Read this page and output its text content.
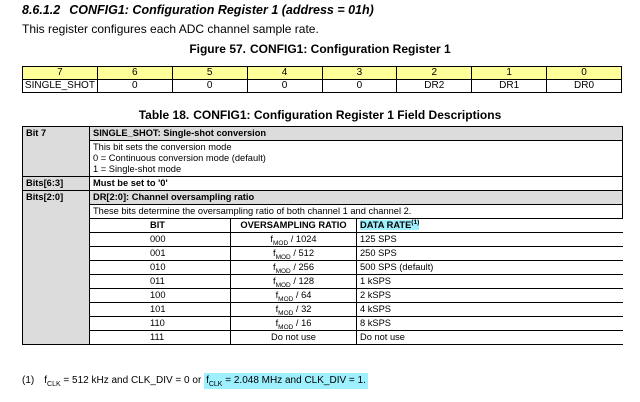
8.6.1.2 CONFIG1: Configuration Register 1 (address = 01h)
This register configures each ADC channel sample rate.
Figure 57. CONFIG1: Configuration Register 1
7	6	5	4	3	2	1	0
SINGLE_SHOT	0	0	0	0	DR2	DR1	DR0
Table 18. CONFIG1: Configuration Register 1 Field Descriptions
Bit 7	SINGLE_SHOT: Single-shot conversion		

	This bit sets the conversion mode
0 = Continuous conversion mode (default)
1 = Single-shot mode		

Bits[6:3]	Must be set to '0'		
Bits[2:0]	DR[2:0]: Channel oversampling ratio		
	These bits determine the oversampling ratio of both channel 1 and channel 2.		
	BIT	OVERSAMPLING RATIO	DATA RATE$^{(1)}$
	000	$f_{MOD} / 1024$	125 SPS
	001	$f_{MOD} / 512$	250 SPS
	010	$f_{MOD} / 256$	500 SPS (default)
	011	$f_{MOD} / 128$	1 kSPS
	100	$f_{MOD} / 64$	2 kSPS
	101	$f_{MOD} / 32$	4 kSPS
	110	$f_{MOD} / 16$	8 kSPS
	111	Do not use	Do not use
(1) $f_{CLK} = 512$ kHz and CLK_DIV = 0 or $f_{CLK} = 2.048$ MHz and CLK_DIV = 1.
